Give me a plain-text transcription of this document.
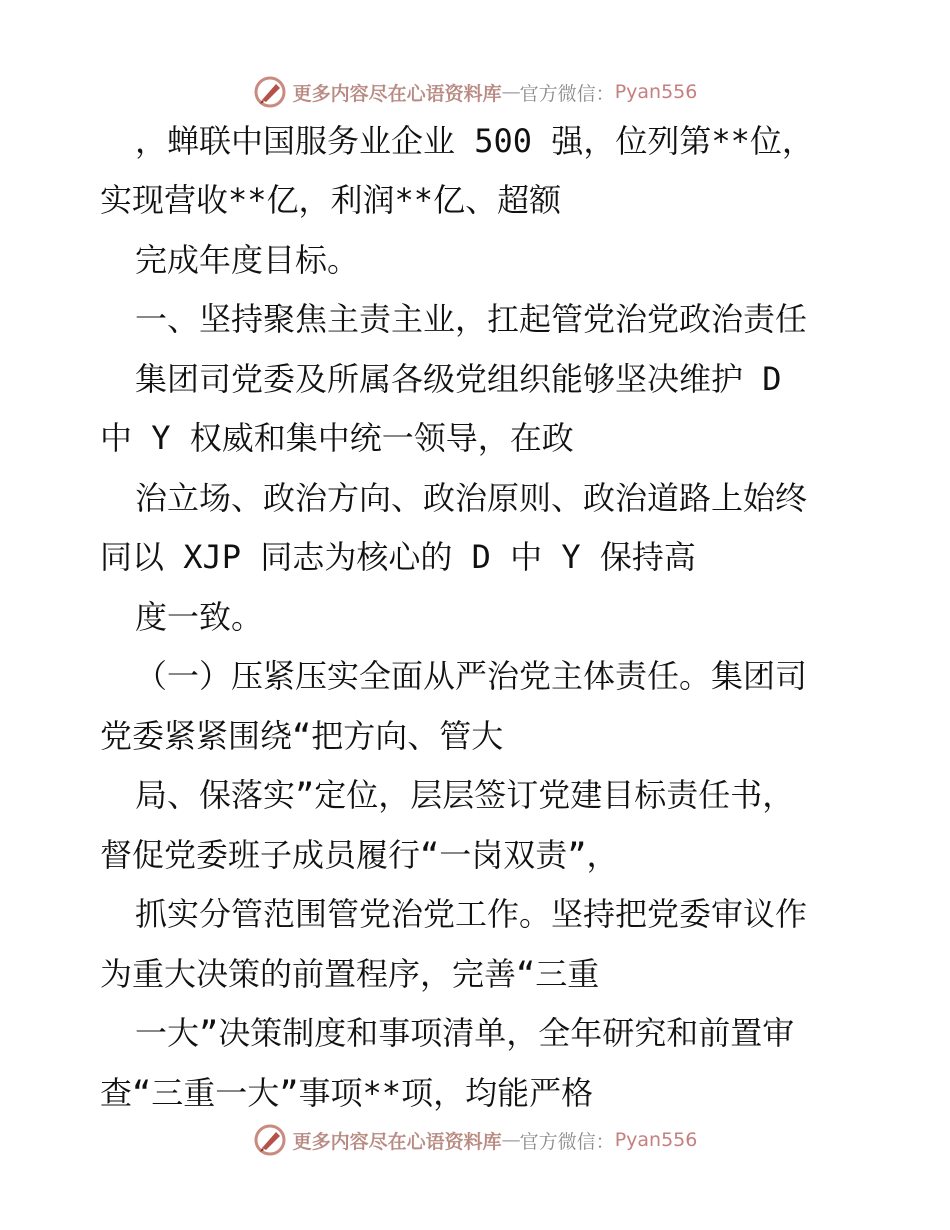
更多内容尽在心语资料库 — 官方微信： Pyan556
，蝉联中国服务业企业 500 强，位列第**位，
实现营收**亿，利润**亿、超额
完成年度目标。
一、坚持聚焦主责主业，扛起管党治党政治责任
集团司党委及所属各级党组织能够坚决维护 D
中 Y 权威和集中统一领导，在政
治立场、政治方向、政治原则、政治道路上始终
同以 XJP 同志为核心的 D 中 Y 保持高
度一致。
（一）压紧压实全面从严治党主体责任。集团司
党委紧紧围绕“把方向、管大
局、保落实”定位，层层签订党建目标责任书，
督促党委班子成员履行“一岗双责”，
抓实分管范围管党治党工作。坚持把党委审议作
为重大决策的前置程序，完善“三重
一大”决策制度和事项清单，全年研究和前置审
查“三重一大”事项**项，均能严格
更多内容尽在心语资料库 — 官方微信： Pyan556
